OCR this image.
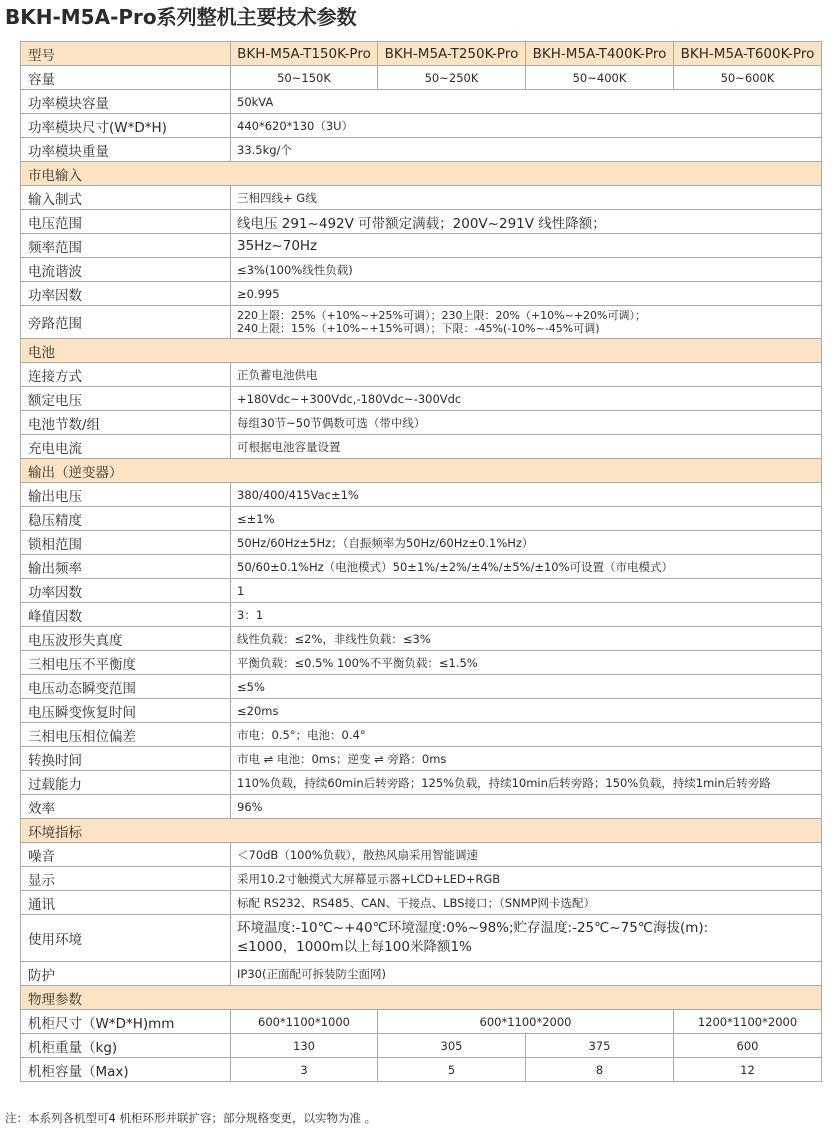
BKH-M5A-Pro系列整机主要技术参数
型号	BKH-M5A-T150K-Pro	BKH-M5A-T250K-Pro	BKH-M5A-T400K-Pro	BKH-M5A-T600K-Pro
容量	50~150K	50~250K	50~400K	50~600K
功率模块容量	50kVA			
功率模块尺寸(W*D*H)	440*620*130（3U）			
功率模块重量	33.5kg/个			
市电输入				
输入制式	三相四线+ G线			
电压范围	线电压 291~492V 可带额定满载；200V~291V 线性降额；			
频率范围	35Hz~70Hz			
电流谐波	≤3%(100%线性负载)			
功率因数	≥0.995			
旁路范围	220上限：25%（+10%~+25%可调）；230上限：20%（+10%~+20%可调）；
240上限：15%（+10%~+15%可调）；下限：-45%(-10%~-45%可调)			

电池				
连接方式	正负蓄电池供电			
额定电压	+180Vdc~+300Vdc,-180Vdc~-300Vdc			
电池节数/组	每组30节~50节偶数可选（带中线）			
充电电流	可根据电池容量设置			
输出（逆变器）				
输出电压	380/400/415Vac±1%			
稳压精度	≤±1%			
锁相范围	50Hz/60Hz±5Hz；（自振频率为50Hz/60Hz±0.1%Hz）			
输出频率	50/60±0.1%Hz（电池模式）50±1%/±2%/±4%/±5%/±10%可设置（市电模式）			
功率因数	1			
峰值因数	3：1			
电压波形失真度	线性负载：≤2%，非线性负载：≤3%			
三相电压不平衡度	平衡负载：≤0.5% 100%不平衡负载：≤1.5%			
电压动态瞬变范围	≤5%			
电压瞬变恢复时间	≤20ms			
三相电压相位偏差	市电：0.5°；电池：0.4°			
转换时间	市电 ⇌ 电池：0ms；逆变 ⇌ 旁路：0ms			
过载能力	110%负载，持续60min后转旁路；125%负载，持续10min后转旁路；150%负载，持续1min后转旁路			
效率	96%			
环境指标				
噪音	＜70dB（100%负载），散热风扇采用智能调速			
显示	采用10.2寸触摸式大屏幕显示器+LCD+LED+RGB			
通讯	标配 RS232、RS485、CAN、干接点、LBS接口；（SNMP网卡选配）			
使用环境	环境温度:-10℃~+40℃环境湿度:0%~98%;贮存温度:-25℃~75℃海拔(m):
≤1000，1000m以上每100米降额1%			

防护	IP30(正面配可拆装防尘面网)			
物理参数				
机柜尺寸（W*D*H)mm	600*1100*1000	600*1100*2000		1200*1100*2000
机柜重量（kg)	130	305	375	600
机柜容量（Max)	3	5	8	12
注：本系列各机型可4 机柜环形并联扩容；部分规格变更，以实物为准 。
